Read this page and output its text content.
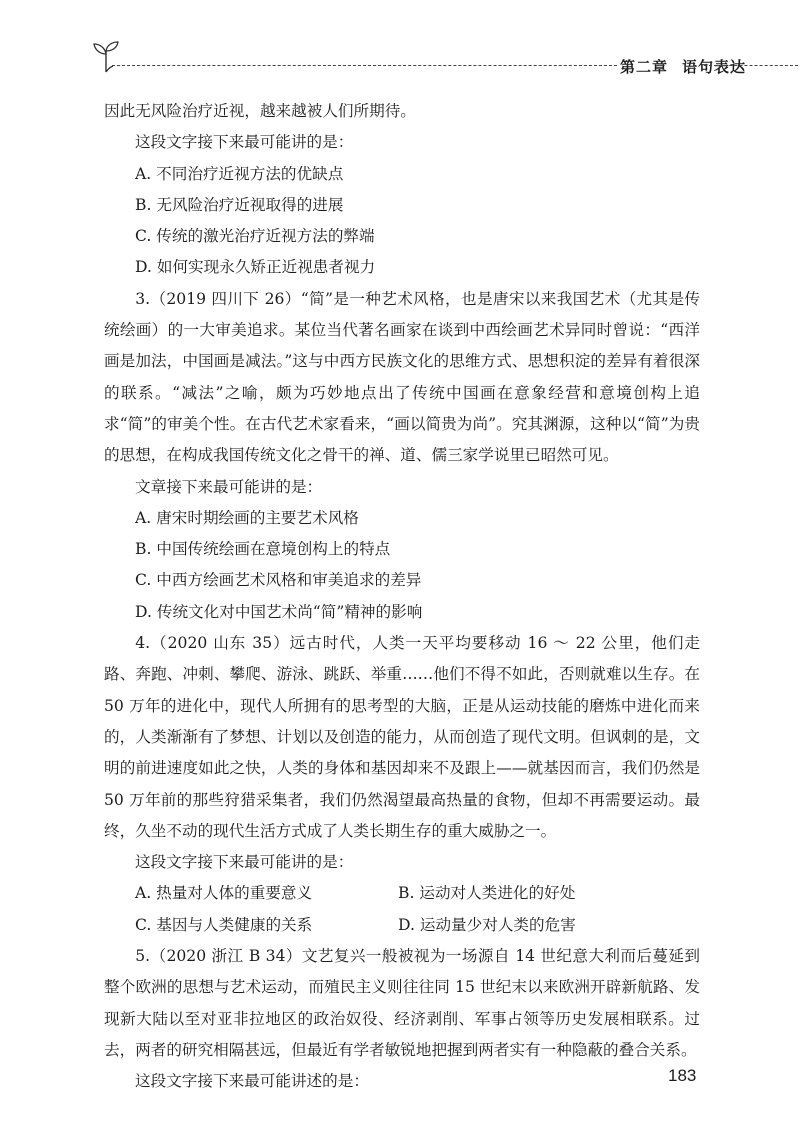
第二章 语句表达

因此无风险治疗近视，越来越被人们所期待。

这段文字接下来最可能讲的是：

A. 不同治疗近视方法的优缺点

B. 无风险治疗近视取得的进展

C. 传统的激光治疗近视方法的弊端

D. 如何实现永久矫正近视患者视力

3.（2019 四川下 26）“简”是一种艺术风格，也是唐宋以来我国艺术（尤其是传统绘画）的一大审美追求。某位当代著名画家在谈到中西绘画艺术异同时曾说：“西洋画是加法，中国画是减法。”这与中西方民族文化的思维方式、思想积淀的差异有着很深的联系。“减法”之喻，颇为巧妙地点出了传统中国画在意象经营和意境创构上追求“简”的审美个性。在古代艺术家看来，“画以简贵为尚”。究其渊源，这种以“简”为贵的思想，在构成我国传统文化之骨干的禅、道、儒三家学说里已昭然可见。

文章接下来最可能讲的是：

A. 唐宋时期绘画的主要艺术风格

B. 中国传统绘画在意境创构上的特点

C. 中西方绘画艺术风格和审美追求的差异

D. 传统文化对中国艺术尚“简”精神的影响

4.（2020 山东 35）远古时代，人类一天平均要移动 16 ～ 22 公里，他们走路、奔跑、冲刺、攀爬、游泳、跳跃、举重……他们不得不如此，否则就难以生存。在 50 万年的进化中，现代人所拥有的思考型的大脑，正是从运动技能的磨炼中进化而来的，人类渐渐有了梦想、计划以及创造的能力，从而创造了现代文明。但讽刺的是，文明的前进速度如此之快，人类的身体和基因却来不及跟上——就基因而言，我们仍然是 50 万年前的那些狩猎采集者，我们仍然渴望最高热量的食物，但却不再需要运动。最终，久坐不动的现代生活方式成了人类长期生存的重大威胁之一。

这段文字接下来最可能讲的是：

A. 热量对人体的重要意义	B. 运动对人类进化的好处
C. 基因与人类健康的关系	D. 运动量少对人类的危害

5.（2020 浙江 B 34）文艺复兴一般被视为一场源自 14 世纪意大利而后蔓延到整个欧洲的思想与艺术运动，而殖民主义则往往同 15 世纪末以来欧洲开辟新航路、发现新大陆以至对亚非拉地区的政治奴役、经济剥削、军事占领等历史发展相联系。过去，两者的研究相隔甚远，但最近有学者敏锐地把握到两者实有一种隐蔽的叠合关系。

这段文字接下来最可能讲述的是：	183
